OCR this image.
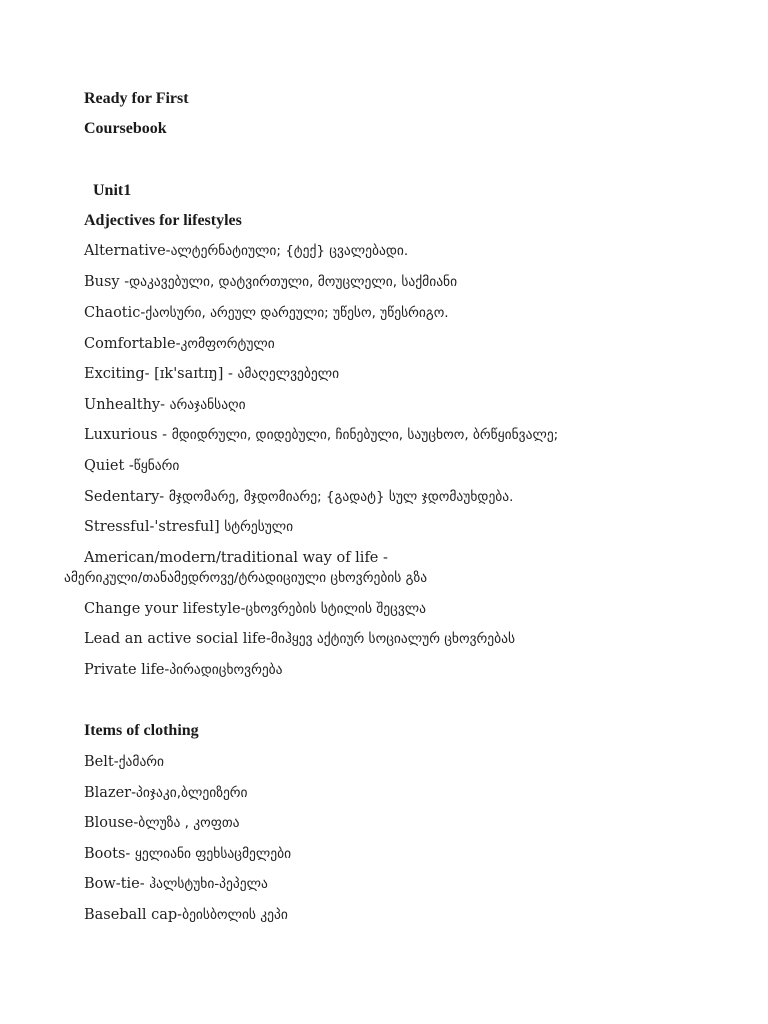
Ready for First
Coursebook
Unit1
Adjectives for lifestyles
Alternative-ალტერნატიული; {ტექ} ცვალებადი.
Busy -დაკავებული, დატვირთული, მოუცლელი, საქმიანი
Chaotic-ქაოსური, არეულ დარეული; უწესო, უწესრიგო.
Comfortable-კომფორტული
Exciting- [ɪk'saɪtɪŋ] - ამაღელვებელი
Unhealthy- არაჯანსაღი
Luxurious - მდიდრული, დიდებული, ჩინებული, საუცხოო, ბრწყინვალე;
Quiet -წყნარი
Sedentary- მჯდომარე, მჯდომიარე; {გადატ} სულ ჯდომაუხდება.
Stressful-'stresful] სტრესული
American/modern/traditional way of life -
ამერიკული/თანამედროვე/ტრადიციული ცხოვრების გზა
Change your lifestyle-ცხოვრების სტილის შეცვლა
Lead an active social life-მიჰყევ აქტიურ სოციალურ ცხოვრებას
Private life-პირადიცხოვრება
Items of clothing
Belt-ქამარი
Blazer-პიჯაკი,ბლეიზერი
Blouse-ბლუზა , კოფთა
Boots- ყელიანი ფეხსაცმელები
Bow-tie- ჰალსტუხი-პეპელა
Baseball cap-ბეისბოლის კეპი
